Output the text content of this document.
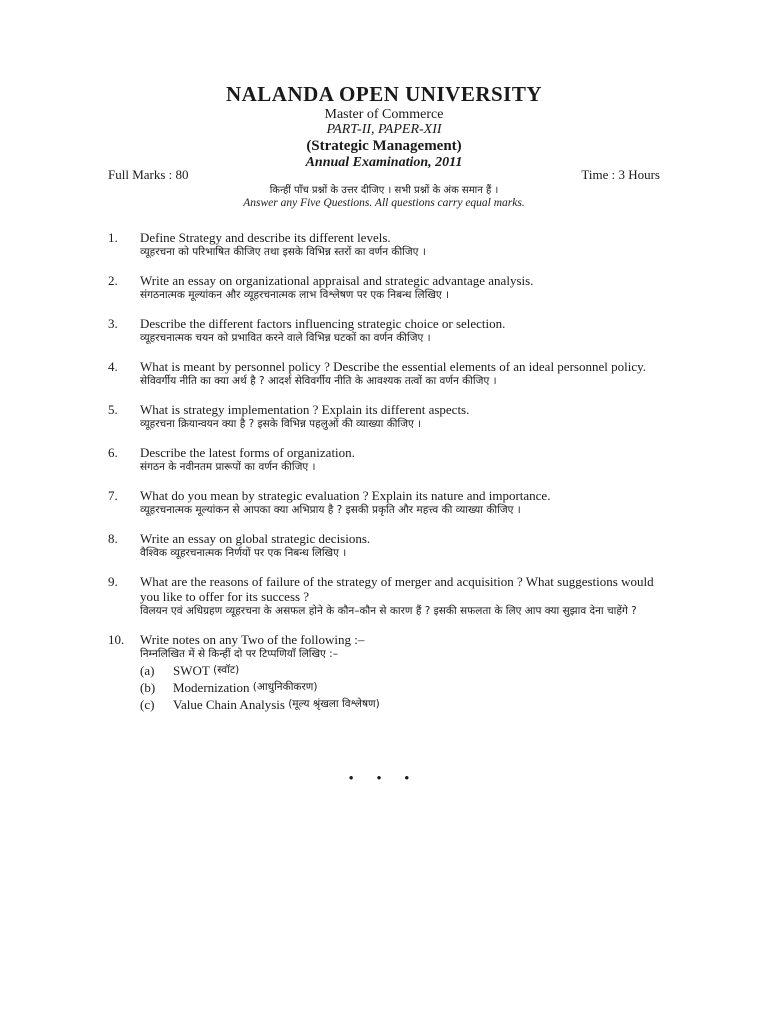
NALANDA OPEN UNIVERSITY
Master of Commerce
PART-II, PAPER-XII
(Strategic Management)
Annual Examination, 2011
Full Marks : 80	Time : 3 Hours
किन्हीं पाँच प्रश्नों के उत्तर दीजिए । सभी प्रश्नों के अंक समान हैं ।
Answer any Five Questions. All questions carry equal marks.
1.	Define Strategy and describe its different levels.
व्यूहरचना को परिभाषित कीजिए तथा इसके विभिन्न स्तरों का वर्णन कीजिए ।
2.	Write an essay on organizational appraisal and strategic advantage analysis.
संगठनात्मक मूल्यांकन और व्यूहरचनात्मक लाभ विश्लेषण पर एक निबन्ध लिखिए ।
3.	Describe the different factors influencing strategic choice or selection.
व्यूहरचनात्मक चयन को प्रभावित करने वाले विभिन्न घटकों का वर्णन कीजिए ।
4.	What is meant by personnel policy ? Describe the essential elements of an ideal personnel policy.
सेविवर्गीय नीति का क्या अर्थ है ? आदर्श सेविवर्गीय नीति के आवश्यक तत्वों का वर्णन कीजिए ।
5.	What is strategy implementation ? Explain its different aspects.
व्यूहरचना क्रियान्वयन क्या है ? इसके विभिन्न पहलुओं की व्याख्या कीजिए ।
6.	Describe the latest forms of organization.
संगठन के नवीनतम प्रारूपों का वर्णन कीजिए ।
7.	What do you mean by strategic evaluation ? Explain its nature and importance.
व्यूहरचनात्मक मूल्यांकन से आपका क्या अभिप्राय है ? इसकी प्रकृति और महत्त्व की व्याख्या कीजिए ।
8.	Write an essay on global strategic decisions.
वैश्विक व्यूहरचनात्मक निर्णयों पर एक निबन्ध लिखिए ।
9.	What are the reasons of failure of the strategy of merger and acquisition ? What suggestions would you like to offer for its success ?
विलयन एवं अधिग्रहण व्यूहरचना के असफल होने के कौन–कौन से कारण हैं ? इसकी सफलता के लिए आप क्या सुझाव देना चाहेंगे ?
10.	Write notes on any Two of the following :–
निम्नलिखित में से किन्हीं दो पर टिप्पणियाँ लिखिए :–
(a)	SWOT
(स्वॉट)
(b)	Modernization
(आधुनिकीकरण)
(c)	Value Chain Analysis
(मूल्य श्रृंखला विश्लेषण)
• • •
